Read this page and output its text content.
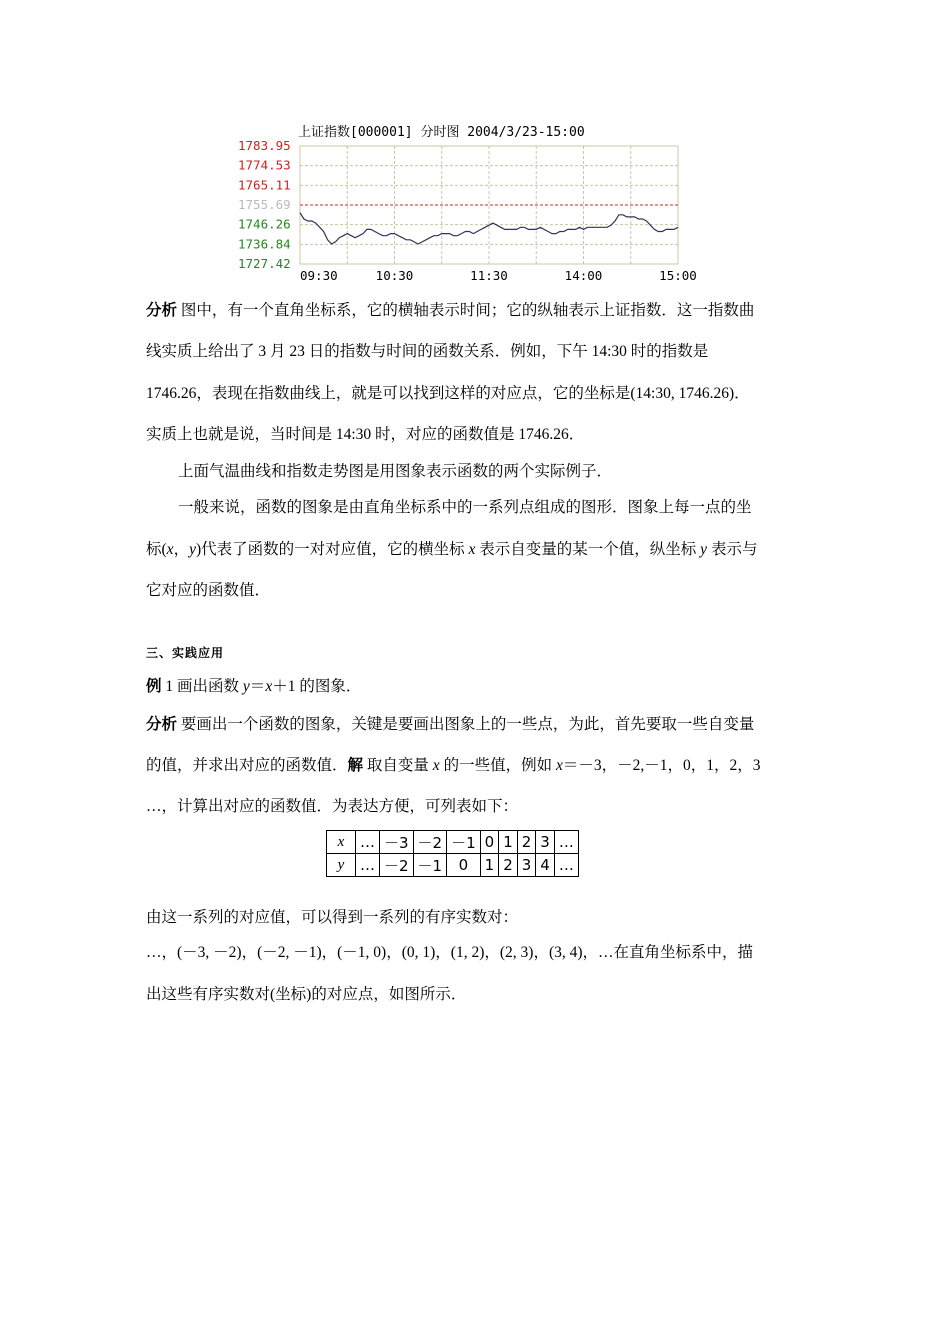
上证指数[000001] 分时图 2004/3/23-15:00
1783.95
1774.53
1765.11
1755.69
1746.26
1736.84
1727.42
09:30	10:30	11:30	14:00	15:00
分析 图中，有一个直角坐标系，它的横轴表示时间；它的纵轴表示上证指数．这一指数曲
线实质上给出了 3 月 23 日的指数与时间的函数关系．例如，下午 14:30 时的指数是
1746.26，表现在指数曲线上，就是可以找到这样的对应点，它的坐标是(14:30, 1746.26)．
实质上也就是说，当时间是 14:30 时，对应的函数值是 1746.26．
上面气温曲线和指数走势图是用图象表示函数的两个实际例子．
一般来说，函数的图象是由直角坐标系中的一系列点组成的图形．图象上每一点的坐
标(x，y)代表了函数的一对对应值，它的横坐标 x 表示自变量的某一个值，纵坐标 y 表示与
它对应的函数值．
三、实践应用
例 1 画出函数 y＝x＋1 的图象．
分析 要画出一个函数的图象，关键是要画出图象上的一些点，为此，首先要取一些自变量
的值，并求出对应的函数值．解 取自变量 x 的一些值，例如 x＝－3，－2,－1，0，1，2，3
…，计算出对应的函数值．为表达方便，可列表如下：
x	…	－3	－2	－1	0	1	2	3	…
y	…	－2	－1	0	1	2	3	4	…
由这一系列的对应值，可以得到一系列的有序实数对：
…，(－3, －2)，(－2, －1)，(－1, 0)，(0, 1)，(1, 2)，(2, 3)，(3, 4)，…在直角坐标系中，描
出这些有序实数对(坐标)的对应点，如图所示．
